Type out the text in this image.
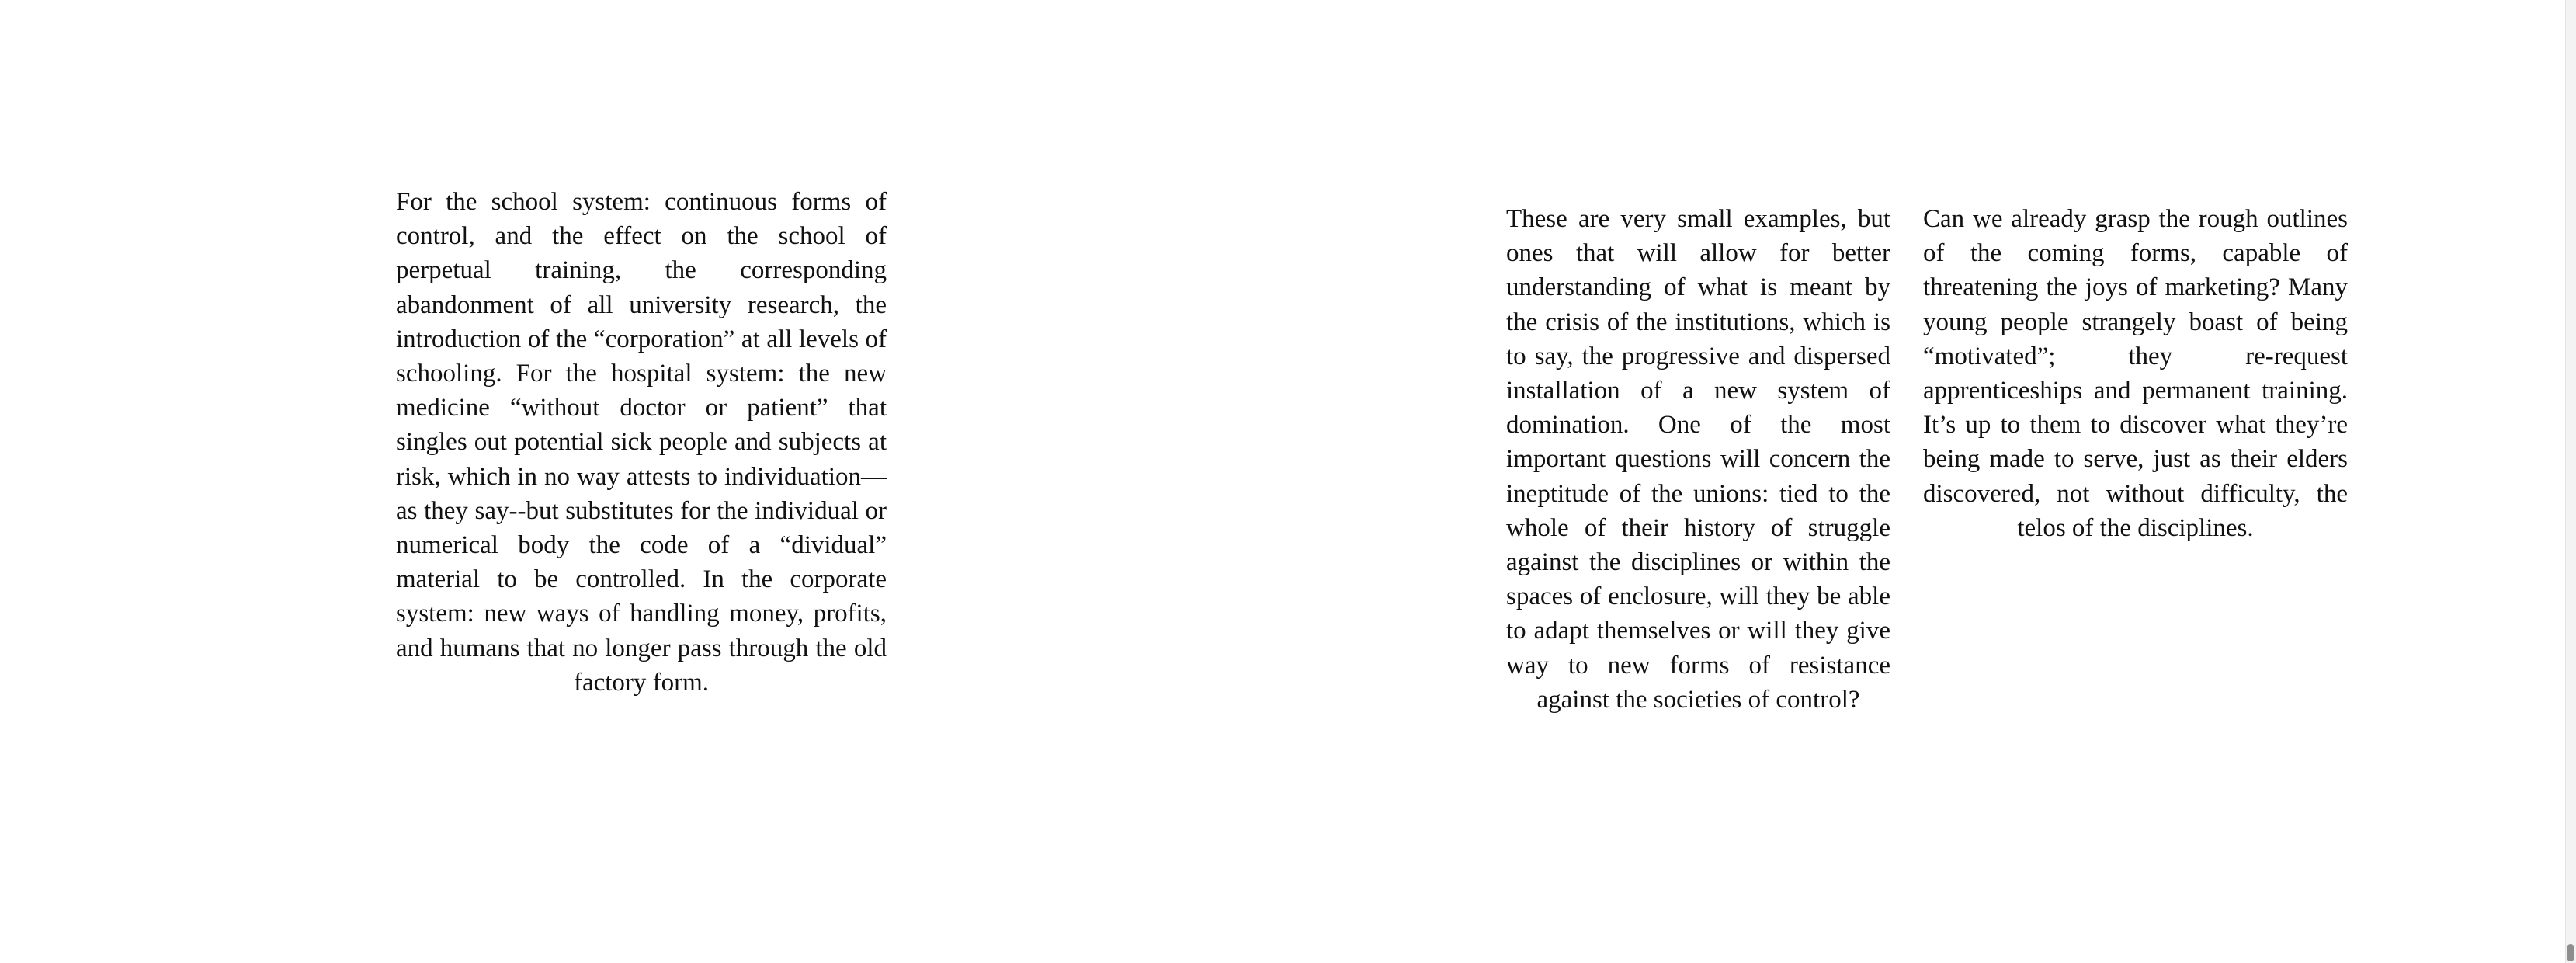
For the school system: continuous forms of control, and the effect on the school of perpetual training, the corresponding abandonment of all university research, the introduction of the “corporation” at all levels of schooling. For the hospital system: the new medicine “without doctor or patient” that singles out potential sick people and subjects at risk, which in no way attests to individuation—as they say--but substitutes for the individual or numerical body the code of a “dividual” material to be controlled. In the corporate system: new ways of handling money, profits, and humans that no longer pass through the old factory form.

These are very small examples, but ones that will allow for better understanding of what is meant by the crisis of the institutions, which is to say, the progressive and dispersed installation of a new system of domination. One of the most important questions will concern the ineptitude of the unions: tied to the whole of their history of struggle against the disciplines or within the spaces of enclosure, will they be able to adapt themselves or will they give way to new forms of resistance against the societies of control?

Can we already grasp the rough outlines of the coming forms, capable of threatening the joys of marketing? Many young people strangely boast of being “motivated”; they re-request apprenticeships and permanent training. It’s up to them to discover what they’re being made to serve, just as their elders discovered, not without difficulty, the telos of the disciplines.
